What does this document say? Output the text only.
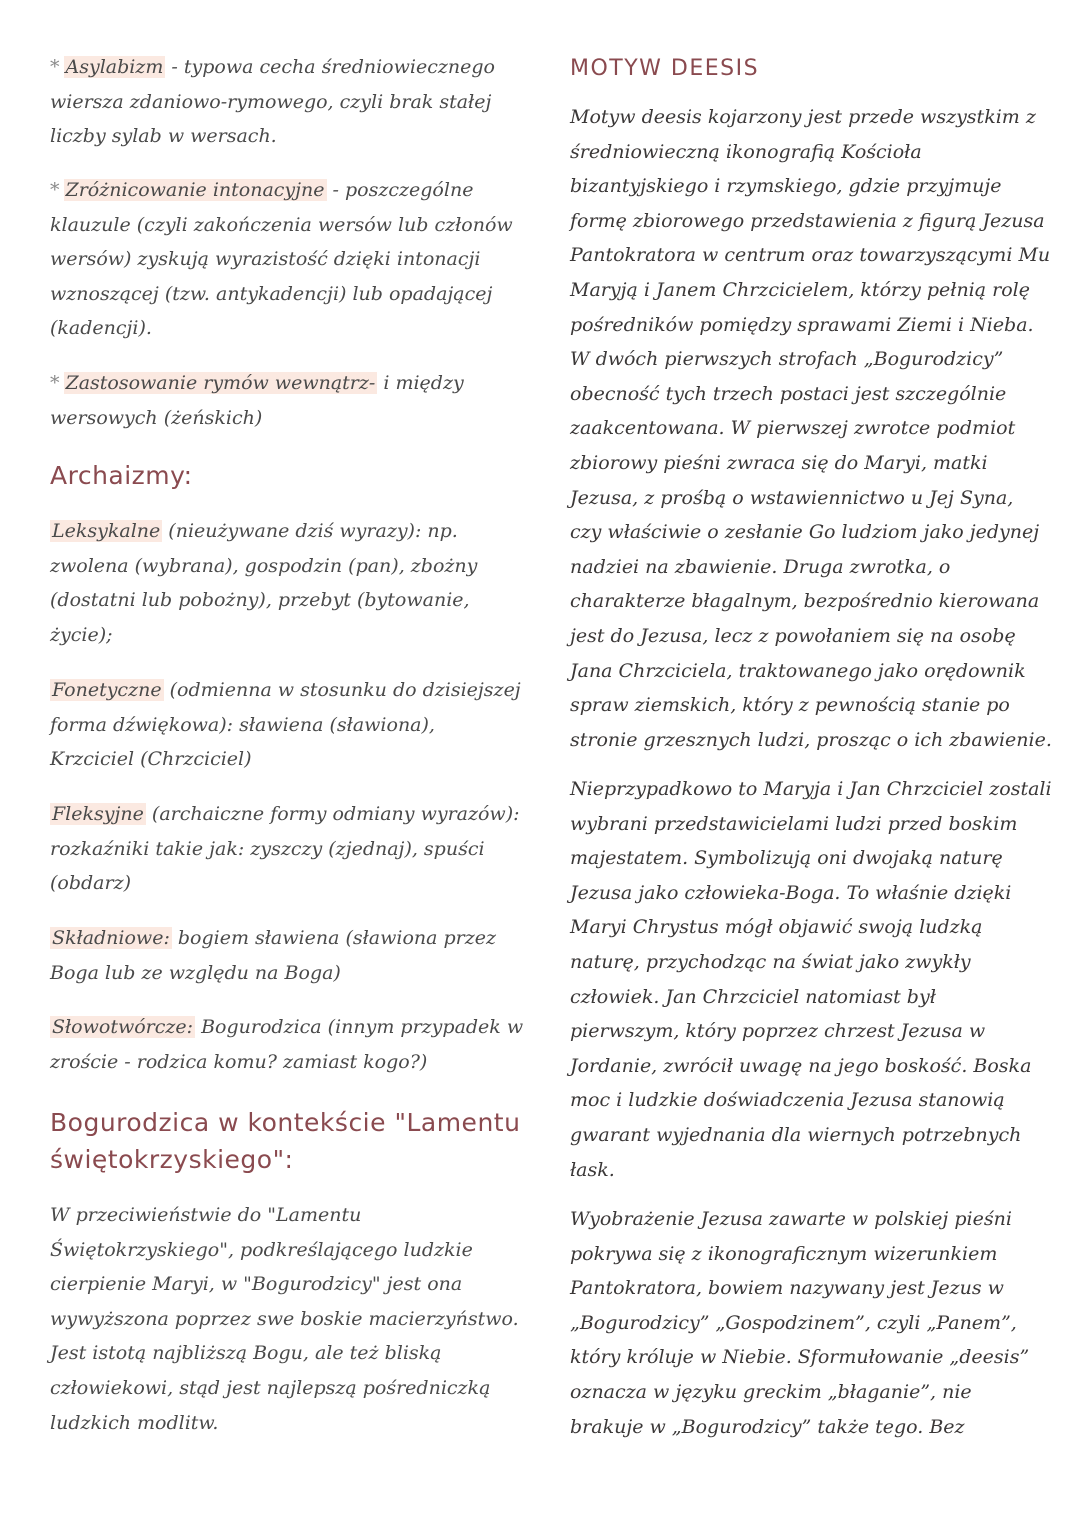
* Asylabizm - typowa cecha średniowiecznego
wiersza zdaniowo-rymowego, czyli brak stałej
liczby sylab w wersach.
* Zróżnicowanie intonacyjne - poszczególne
klauzule (czyli zakończenia wersów lub członów
wersów) zyskują wyrazistość dzięki intonacji
wznoszącej (tzw. antykadencji) lub opadającej
(kadencji).
* Zastosowanie rymów wewnątrz- i między
wersowych (żeńskich)
Archaizmy:
Leksykalne (nieużywane dziś wyrazy): np.
zwolena (wybrana), gospodzin (pan), zbożny
(dostatni lub pobożny), przebyt (bytowanie,
życie);
Fonetyczne (odmienna w stosunku do dzisiejszej
forma dźwiękowa): sławiena (sławiona),
Krzciciel (Chrzciciel)
Fleksyjne (archaiczne formy odmiany wyrazów):
rozkaźniki takie jak: zyszczy (zjednaj), spuści
(obdarz)
Składniowe: bogiem sławiena (sławiona przez
Boga lub ze względu na Boga)
Słowotwórcze: Bogurodzica (innym przypadek w
zroście - rodzica komu? zamiast kogo?)
Bogurodzica w kontekście "Lamentu
świętokrzyskiego":
W przeciwieństwie do "Lamentu
Świętokrzyskiego", podkreślającego ludzkie
cierpienie Maryi, w "Bogurodzicy" jest ona
wywyższona poprzez swe boskie macierzyństwo.
Jest istotą najbliższą Bogu, ale też bliską
człowiekowi, stąd jest najlepszą pośredniczką
ludzkich modlitw.
MOTYW DEESIS
Motyw deesis kojarzony jest przede wszystkim z
średniowieczną ikonografią Kościoła
bizantyjskiego i rzymskiego, gdzie przyjmuje
formę zbiorowego przedstawienia z figurą Jezusa
Pantokratora w centrum oraz towarzyszącymi Mu
Maryją i Janem Chrzcicielem, którzy pełnią rolę
pośredników pomiędzy sprawami Ziemi i Nieba.
W dwóch pierwszych strofach „Bogurodzicy”
obecność tych trzech postaci jest szczególnie
zaakcentowana. W pierwszej zwrotce podmiot
zbiorowy pieśni zwraca się do Maryi, matki
Jezusa, z prośbą o wstawiennictwo u Jej Syna,
czy właściwie o zesłanie Go ludziom jako jedynej
nadziei na zbawienie. Druga zwrotka, o
charakterze błagalnym, bezpośrednio kierowana
jest do Jezusa, lecz z powołaniem się na osobę
Jana Chrzciciela, traktowanego jako orędownik
spraw ziemskich, który z pewnością stanie po
stronie grzesznych ludzi, prosząc o ich zbawienie.
Nieprzypadkowo to Maryja i Jan Chrzciciel zostali
wybrani przedstawicielami ludzi przed boskim
majestatem. Symbolizują oni dwojaką naturę
Jezusa jako człowieka-Boga. To właśnie dzięki
Maryi Chrystus mógł objawić swoją ludzką
naturę, przychodząc na świat jako zwykły
człowiek. Jan Chrzciciel natomiast był
pierwszym, który poprzez chrzest Jezusa w
Jordanie, zwrócił uwagę na jego boskość. Boska
moc i ludzkie doświadczenia Jezusa stanowią
gwarant wyjednania dla wiernych potrzebnych
łask.
Wyobrażenie Jezusa zawarte w polskiej pieśni
pokrywa się z ikonograficznym wizerunkiem
Pantokratora, bowiem nazywany jest Jezus w
„Bogurodzicy” „Gospodzinem”, czyli „Panem”,
który króluje w Niebie. Sformułowanie „deesis”
oznacza w języku greckim „błaganie”, nie
brakuje w „Bogurodzicy” także tego. Bez
